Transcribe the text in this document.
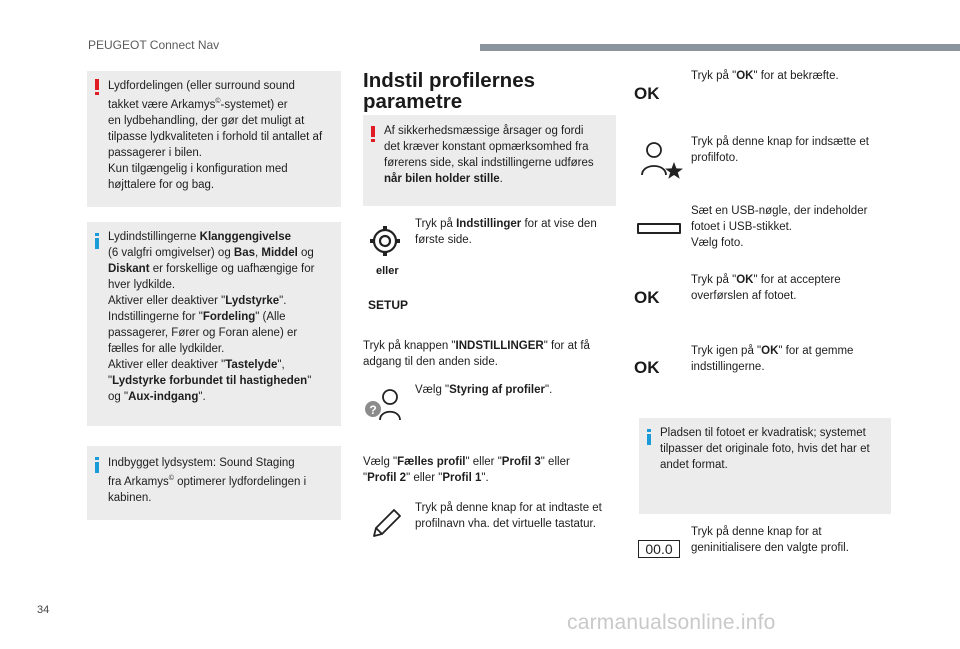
PEUGEOT Connect Nav
Lydfordelingen (eller surround sound
takket være Arkamys©-systemet) er
en lydbehandling, der gør det muligt at
tilpasse lydkvaliteten i forhold til antallet af
passagerer i bilen.
Kun tilgængelig i konfiguration med
højttalere for og bag.
Lydindstillingerne Klanggengivelse
(6 valgfri omgivelser) og Bas, Middel og
Diskant er forskellige og uafhængige for
hver lydkilde.
Aktiver eller deaktiver "Lydstyrke".
Indstillingerne for "Fordeling" (Alle
passagerer, Fører og Foran alene) er
fælles for alle lydkilder.
Aktiver eller deaktiver "Tastelyde",
"Lydstyrke forbundet til hastigheden"
og "Aux-indgang".
Indbygget lydsystem: Sound Staging
fra Arkamys© optimerer lydfordelingen i
kabinen.
Indstil profilernes
parametre
Af sikkerhedsmæssige årsager og fordi
det kræver konstant opmærksomhed fra
førerens side, skal indstillingerne udføres
når bilen holder stille.
Tryk på Indstillinger for at vise den
første side.
eller
SETUP
Tryk på knappen "INDSTILLINGER" for at få
adgang til den anden side.
?
Vælg "Styring af profiler".
Vælg "Fælles profil" eller "Profil 3" eller
"Profil 2" eller "Profil 1".
Tryk på denne knap for at indtaste et
profilnavn vha. det virtuelle tastatur.
OK
Tryk på "OK" for at bekræfte.
Tryk på denne knap for indsætte et
profilfoto.
Sæt en USB-nøgle, der indeholder
fotoet i USB-stikket.
Vælg foto.
OK
Tryk på "OK" for at acceptere
overførslen af fotoet.
OK
Tryk igen på "OK" for at gemme
indstillingerne.
Pladsen til fotoet er kvadratisk; systemet
tilpasser det originale foto, hvis det har et
andet format.
00.0
Tryk på denne knap for at
geninitialisere den valgte profil.
34
carmanualsonline.info
